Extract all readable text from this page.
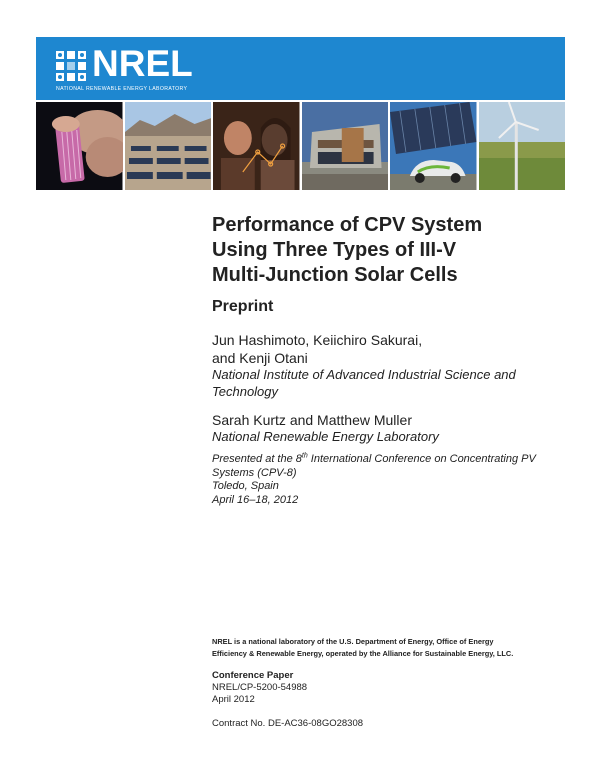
NREL
NATIONAL RENEWABLE ENERGY LABORATORY
Performance of CPV System
Using Three Types of III-V
Multi-Junction Solar Cells
Preprint
Jun Hashimoto, Keiichiro Sakurai,
and Kenji Otani
National Institute of Advanced Industrial Science and
Technology
Sarah Kurtz and Matthew Muller
National Renewable Energy Laboratory
Presented at the 8th International Conference on Concentrating PV
Systems (CPV-8)
Toledo, Spain
April 16–18, 2012
NREL is a national laboratory of the U.S. Department of Energy, Office of Energy
Efficiency & Renewable Energy, operated by the Alliance for Sustainable Energy, LLC.
Conference Paper
NREL/CP-5200-54988
April 2012
Contract No. DE-AC36-08GO28308
